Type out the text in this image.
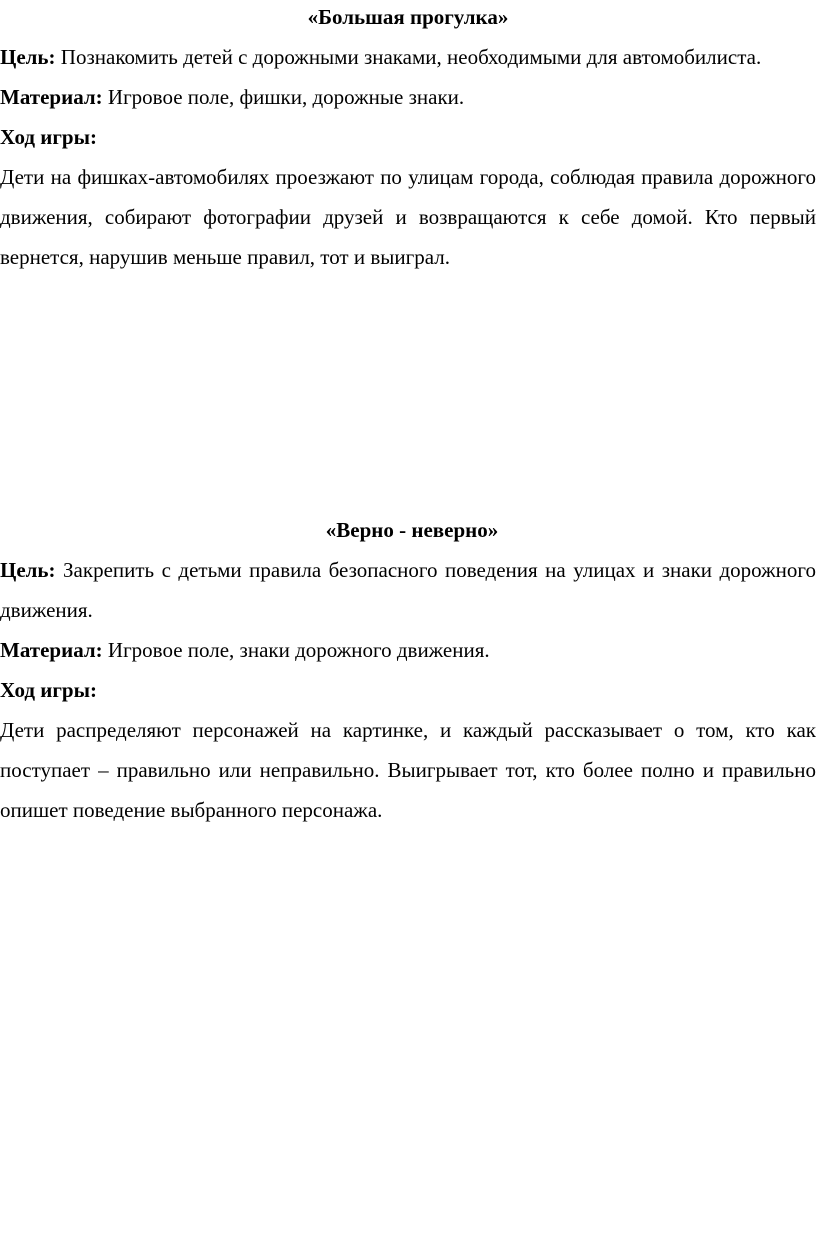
«Большая прогулка»

Цель: Познакомить детей с дорожными знаками, необходимыми для автомобилиста.

Материал: Игровое поле, фишки, дорожные знаки.

Ход игры:

Дети на фишках-автомобилях проезжают по улицам города, соблюдая правила дорожного движения, собирают фотографии друзей и возвращаются к себе домой. Кто первый вернется, нарушив меньше правил, тот и выиграл.

«Верно - неверно»

Цель: Закрепить с детьми правила безопасного поведения на улицах и знаки дорожного движения.

Материал: Игровое поле, знаки дорожного движения.

Ход игры:

Дети распределяют персонажей на картинке, и каждый рассказывает о том, кто как поступает – правильно или неправильно. Выигрывает тот, кто более полно и правильно опишет поведение выбранного персонажа.
